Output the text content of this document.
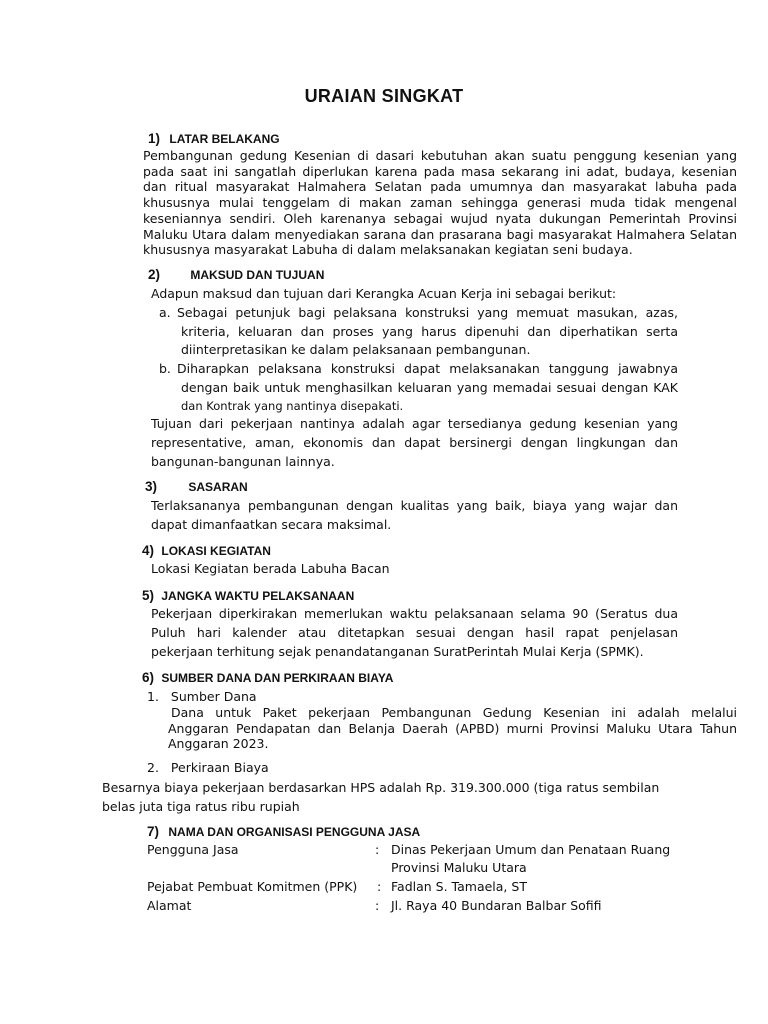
URAIAN SINGKAT
1) LATAR BELAKANG
Pembangunan gedung Kesenian di dasari kebutuhan akan suatu penggung kesenian yang pada saat ini sangatlah diperlukan karena pada masa sekarang ini adat, budaya, kesenian dan ritual masyarakat Halmahera Selatan pada umumnya dan masyarakat labuha pada khususnya mulai tenggelam di makan zaman sehingga generasi muda tidak mengenal keseniannya sendiri. Oleh karenanya sebagai wujud nyata dukungan Pemerintah Provinsi Maluku Utara dalam menyediakan sarana dan prasarana bagi masyarakat Halmahera Selatan khususnya masyarakat Labuha di dalam melaksanakan kegiatan seni budaya.
2)	MAKSUD DAN TUJUAN
Adapun maksud dan tujuan dari Kerangka Acuan Kerja ini sebagai berikut:
a. Sebagai petunjuk bagi pelaksana konstruksi yang memuat masukan, azas,
kriteria, keluaran dan proses yang harus dipenuhi dan diperhatikan serta
diinterpretasikan ke dalam pelaksanaan pembangunan.
b. Diharapkan pelaksana konstruksi dapat melaksanakan tanggung jawabnya
dengan baik untuk menghasilkan keluaran yang memadai sesuai dengan KAK
dan Kontrak yang nantinya disepakati.
Tujuan dari pekerjaan nantinya adalah agar tersedianya gedung kesenian yang
representative, aman, ekonomis dan dapat bersinergi dengan lingkungan dan
bangunan-bangunan lainnya.
3)	SASARAN
Terlaksananya pembangunan dengan kualitas yang baik, biaya yang wajar dan
dapat dimanfaatkan secara maksimal.
4) LOKASI KEGIATAN
Lokasi Kegiatan berada Labuha Bacan
5) JANGKA WAKTU PELAKSANAAN
Pekerjaan diperkirakan memerlukan waktu pelaksanaan selama 90 (Seratus dua
Puluh hari kalender atau ditetapkan sesuai dengan hasil rapat penjelasan
pekerjaan terhitung sejak penandatanganan SuratPerintah Mulai Kerja (SPMK).
6) SUMBER DANA DAN PERKIRAAN BIAYA
1. Sumber Dana
Dana untuk Paket pekerjaan Pembangunan Gedung Kesenian ini adalah melalui
Anggaran Pendapatan dan Belanja Daerah (APBD) murni Provinsi Maluku Utara Tahun
Anggaran 2023.
2. Perkiraan Biaya
Besarnya biaya pekerjaan berdasarkan HPS adalah Rp. 319.300.000 (tiga ratus sembilan
belas juta tiga ratus ribu rupiah
7) NAMA DAN ORGANISASI PENGGUNA JASA
Pengguna Jasa	: Dinas Pekerjaan Umum dan Penataan Ruang
Provinsi Maluku Utara
Pejabat Pembuat Komitmen (PPK) : Fadlan S. Tamaela, ST
Alamat	: Jl. Raya 40 Bundaran Balbar Sofifi
